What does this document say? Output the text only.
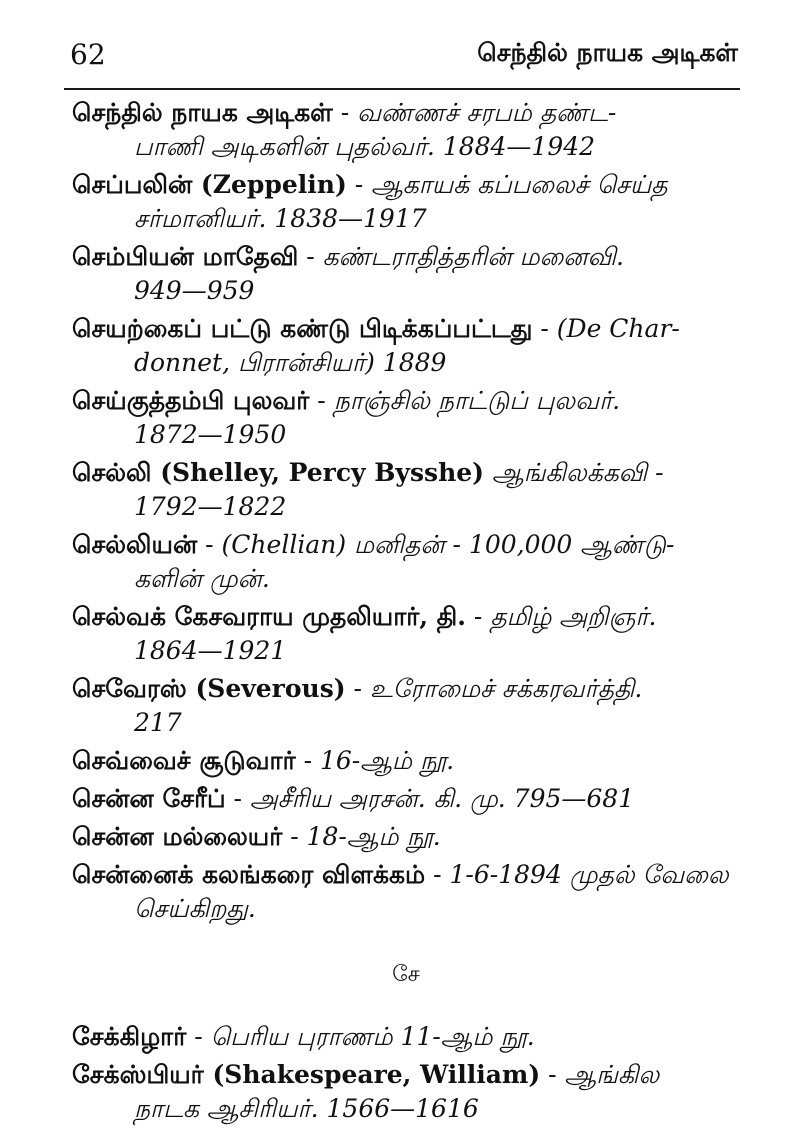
62	செந்தில் நாயக அடிகள்
செந்தில் நாயக அடிகள் - வண்ணச் சரபம் தண்ட-
பாணி அடிகளின் புதல்வர். 1884—1942
செப்பலின் (Zeppelin) - ஆகாயக் கப்பலைச் செய்த
சர்மானியர். 1838—1917
செம்பியன் மாதேவி - கண்டராதித்தரின் மனைவி.
949—959
செயற்கைப் பட்டு கண்டு பிடிக்கப்பட்டது - (De Char-
donnet, பிரான்சியர்) 1889
செய்குத்தம்பி புலவர் - நாஞ்சில் நாட்டுப் புலவர்.
1872—1950
செல்லி (Shelley, Percy Bysshe) ஆங்கிலக்கவி -
1792—1822
செல்லியன் - (Chellian) மனிதன் - 100,000 ஆண்டு-
களின் முன்.
செல்வக் கேசவராய முதலியார், தி. - தமிழ் அறிஞர்.
1864—1921
செவேரஸ் (Severous) - உரோமைச் சக்கரவர்த்தி.
217
செவ்வைச் சூடுவார் - 16-ஆம் நூ.
சென்ன சேரீப் - அசீரிய அரசன். கி. மு. 795—681
சென்ன மல்லையர் - 18-ஆம் நூ.
சென்னைக் கலங்கரை விளக்கம் - 1-6-1894 முதல் வேலை
செய்கிறது.
சே
சேக்கிழார் - பெரிய புராணம் 11-ஆம் நூ.
சேக்ஸ்பியர் (Shakespeare, William) - ஆங்கில
நாடக ஆசிரியர். 1566—1616
